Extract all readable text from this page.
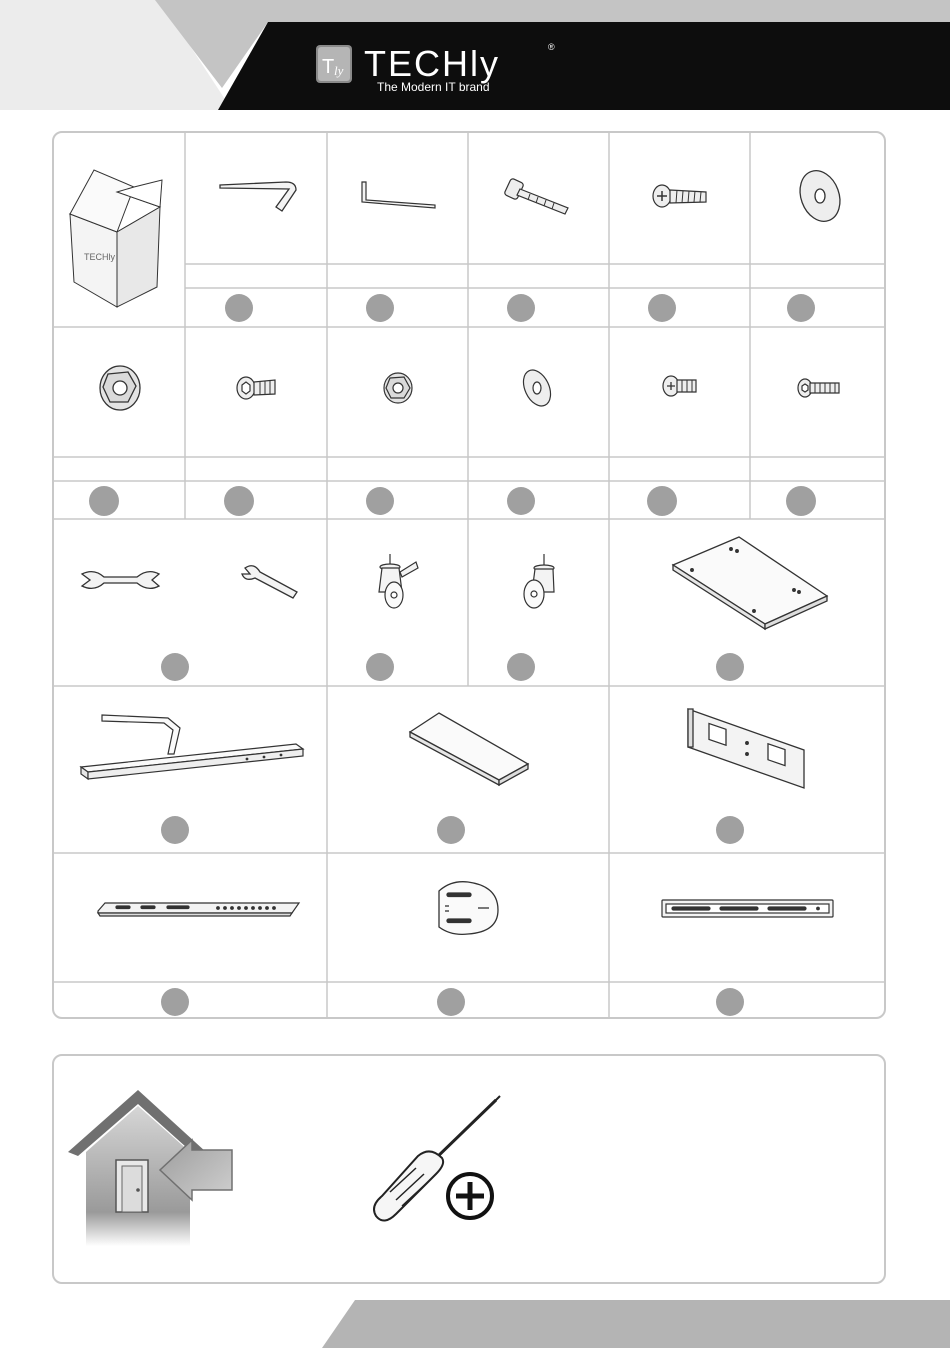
T ly TECHly	®
The Modern IT brand
TECHly
